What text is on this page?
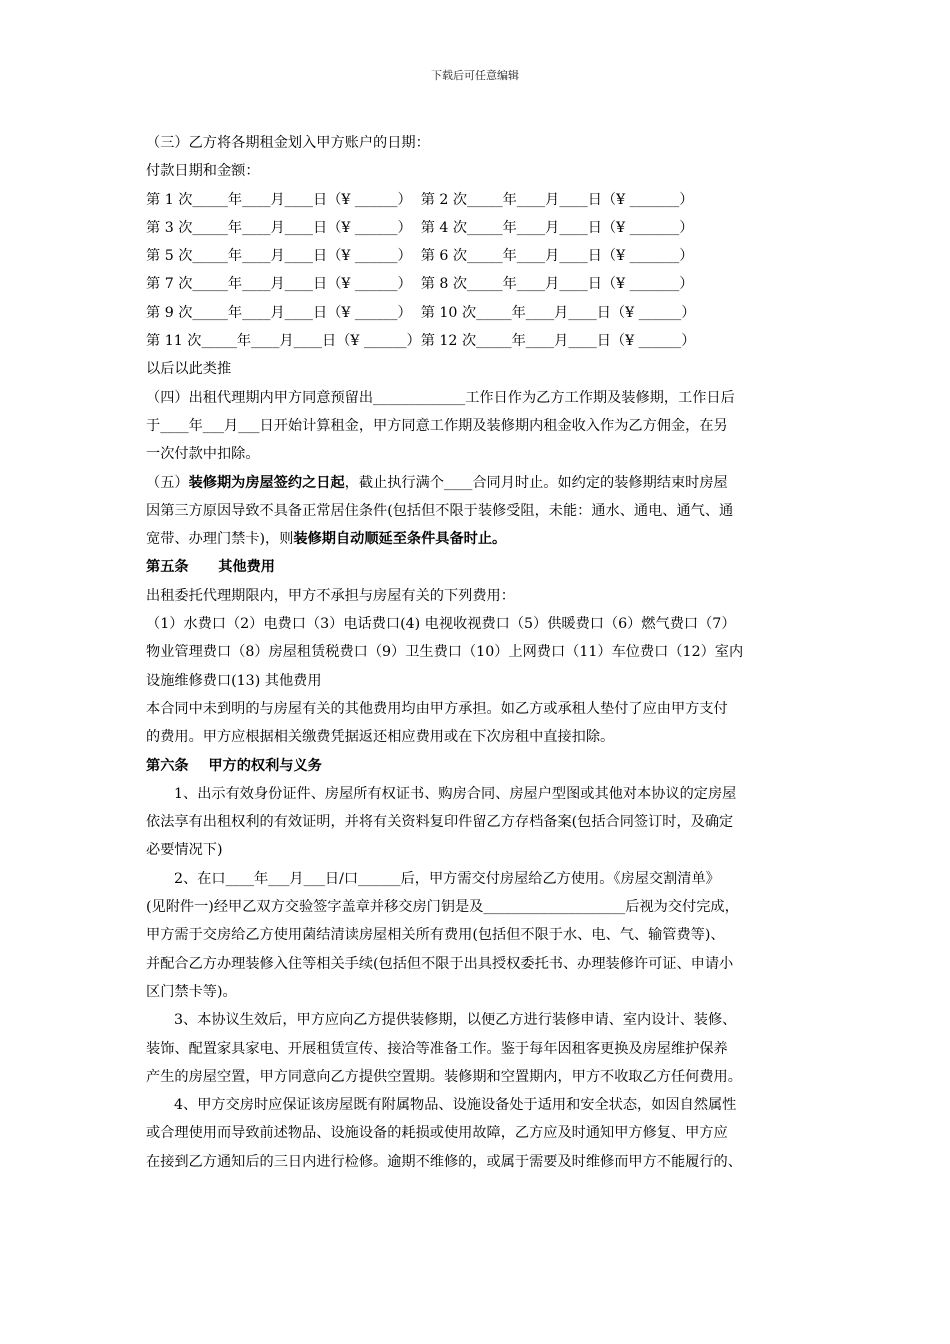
下载后可任意编辑
（三）乙方将各期租金划入甲方账户的日期：
付款日期和金额：
第 1 次_____年____月____日（¥ ______）  第 2 次_____年____月____日（¥ _______）
第 3 次_____年____月____日（¥ ______）  第 4 次_____年____月____日（¥ _______）
第 5 次_____年____月____日（¥ ______）  第 6 次_____年____月____日（¥ _______）
第 7 次_____年____月____日（¥ ______）  第 8 次_____年____月____日（¥ _______）
第 9 次_____年____月____日（¥ ______）  第 10 次_____年____月____日（¥ ______）
第 11 次_____年____月____日（¥ ______）第 12 次_____年____月____日（¥ ______）
以后以此类推
（四）出租代理期内甲方同意预留出_____________工作日作为乙方工作期及装修期，工作日后
于____年___月___日开始计算租金，甲方同意工作期及装修期内租金收入作为乙方佣金，在另
一次付款中扣除。
（五）装修期为房屋签约之日起，截止执行满个____合同月时止。如约定的装修期结束时房屋
因第三方原因导致不具备正常居住条件(包括但不限于装修受阻，未能：通水、通电、通气、通
宽带、办理门禁卡)，则装修期自动顺延至条件具备时止。
第五条      其他费用
出租委托代理期限内，甲方不承担与房屋有关的下列费用：
（1）水费口（2）电费口（3）电话费口(4) 电视收视费口（5）供暖费口（6）燃气费口（7）
物业管理费口（8）房屋租赁税费口（9）卫生费口（10）上网费口（11）车位费口（12）室内
设施维修费口(13) 其他费用
本合同中未到明的与房屋有关的其他费用均由甲方承担。如乙方或承租人垫付了应由甲方支付
的费用。甲方应根据相关缴费凭据返还相应费用或在下次房租中直接扣除。
第六条    甲方的权利与义务
1、出示有效身份证件、房屋所有权证书、购房合同、房屋户型图或其他对本协议的定房屋
依法享有出租权利的有效证明，并将有关资料复印件留乙方存档备案(包括合同签订时，及确定
必要情况下)
2、在口____年___月___日/口______后，甲方需交付房屋给乙方使用。《房屋交割清单》
(见附件一)经甲乙双方交验签字盖章并移交房门钥是及____________________后视为交付完成，
甲方需于交房给乙方使用菌结清读房屋相关所有费用(包括但不限于水、电、气、输管费等)、
并配合乙方办理装修入住等相关手续(包括但不限于出具授权委托书、办理装修许可证、申请小
区门禁卡等)。
3、本协议生效后，甲方应向乙方提供装修期，以便乙方进行装修申请、室内设计、装修、
装饰、配置家具家电、开展租赁宣传、接洽等准备工作。鉴于每年因租客更换及房屋维护保养
产生的房屋空置，甲方同意向乙方提供空置期。装修期和空置期内，甲方不收取乙方任何费用。
4、甲方交房时应保证该房屋既有附属物品、设施设备处于适用和安全状态，如因自然属性
或合理使用而导致前述物品、设施设备的耗损或使用故障，乙方应及时通知甲方修复、甲方应
在接到乙方通知后的三日内进行检修。逾期不维修的，或属于需要及时维修而甲方不能履行的、
